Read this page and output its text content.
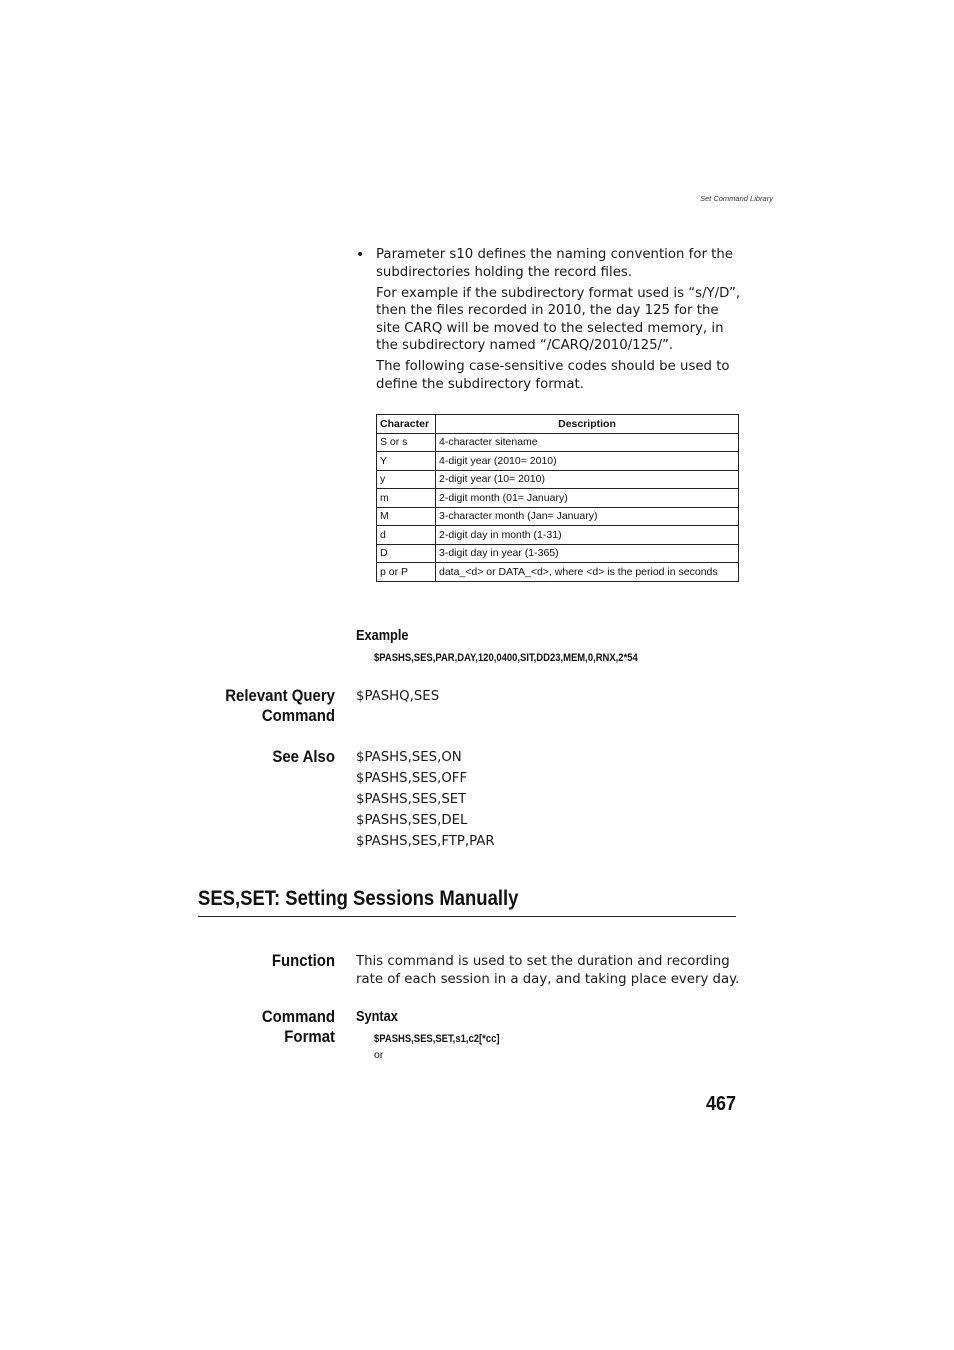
Set Command Library
• Parameter s10 defines the naming convention for the subdirectories holding the record files.

For example if the subdirectory format used is “s/Y/D”, then the files recorded in 2010, the day 125 for the site CARQ will be moved to the selected memory, in the subdirectory named “/CARQ/2010/125/”.

The following case-sensitive codes should be used to define the subdirectory format.

Character	Description
S or s	4-character sitename
Y	4-digit year (2010= 2010)
y	2-digit year (10= 2010)
m	2-digit month (01= January)
M	3-character month (Jan= January)
d	2-digit day in month (1-31)
D	3-digit day in year (1-365)
p or P	data_<d> or DATA_<d>, where <d> is the period in seconds
Example
$PASHS,SES,PAR,DAY,120,0400,SIT,DD23,MEM,0,RNX,2*54
Relevant Query
Command
$PASHQ,SES
See Also $PASHS,SES,ON
$PASHS,SES,OFF
$PASHS,SES,SET
$PASHS,SES,DEL
$PASHS,SES,FTP,PAR
SES,SET: Setting Sessions Manually
Function This command is used to set the duration and recording rate of each session in a day, and taking place every day.
Command Format
Syntax
$PASHS,SES,SET,s1,c2[*cc]
or
467
